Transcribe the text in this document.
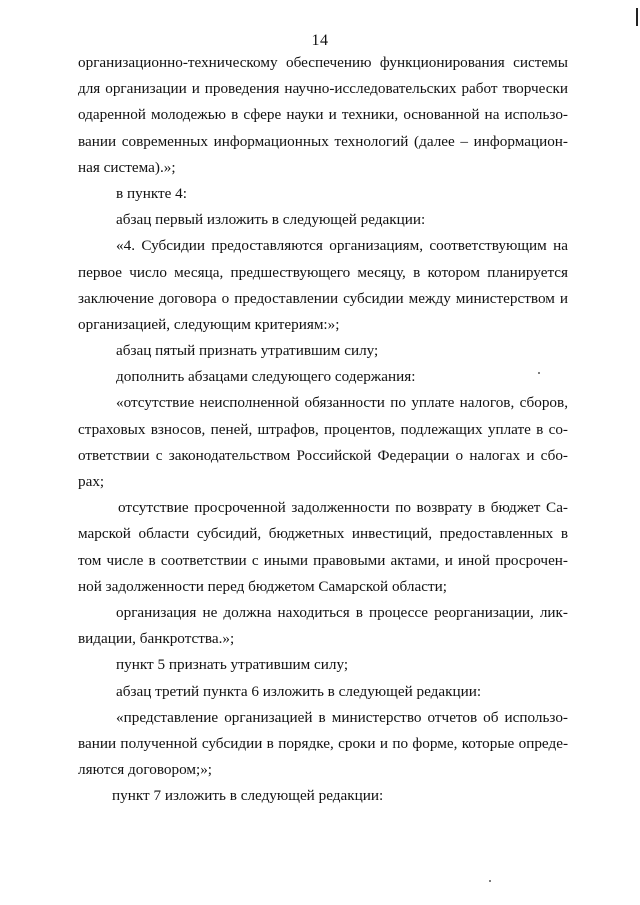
14
организационно-техническому обеспечению функционирования системы
для организации и проведения научно-исследовательских работ творчески
одаренной молодежью в сфере науки и техники, основанной на использо-
вании современных информационных технологий (далее – информацион-
ная система).»;
в пункте 4:
абзац первый изложить в следующей редакции:
«4. Субсидии предоставляются организациям, соответствующим на
первое число месяца, предшествующего месяцу, в котором планируется
заключение договора о предоставлении субсидии между министерством и
организацией, следующим критериям:»;
абзац пятый признать утратившим силу;
дополнить абзацами следующего содержания:
«отсутствие неисполненной обязанности по уплате налогов, сборов,
страховых взносов, пеней, штрафов, процентов, подлежащих уплате в со-
ответствии с законодательством Российской Федерации о налогах и сбо-
рах;
отсутствие просроченной задолженности по возврату в бюджет Са-
марской области субсидий, бюджетных инвестиций, предоставленных в
том числе в соответствии с иными правовыми актами, и иной просрочен-
ной задолженности перед бюджетом Самарской области;
организация не должна находиться в процессе реорганизации, лик-
видации, банкротства.»;
пункт 5 признать утратившим силу;
абзац третий пункта 6 изложить в следующей редакции:
«представление организацией в министерство отчетов об использо-
вании полученной субсидии в порядке, сроки и по форме, которые опреде-
ляются договором;»;
пункт 7 изложить в следующей редакции:
